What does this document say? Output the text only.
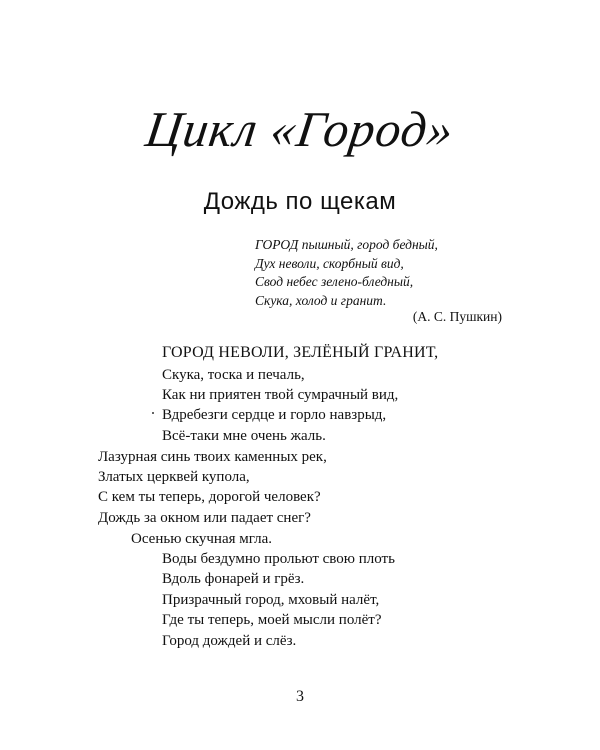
Цикл «Город»
Дождь по щекам
ГОРОД пышный, город бедный,
Дух неволи, скорбный вид,
Свод небес зелено-бледный,
Скука, холод и гранит.
(А. С. Пушкин)
ГОРОД НЕВОЛИ, ЗЕЛЁНЫЙ ГРАНИТ,
Скука, тоска и печаль,
Как ни приятен твой сумрачный вид,
Вдребезги сердце и горло навзрыд,
Всё-таки мне очень жаль.
Лазурная синь твоих каменных рек,
Златых церквей купола,
С кем ты теперь, дорогой человек?
Дождь за окном или падает снег?
Осенью скучная мгла.
Воды бездумно прольют свою плоть
Вдоль фонарей и грёз.
Призрачный город, мховый налёт,
Где ты теперь, моей мысли полёт?
Город дождей и слёз.
3
